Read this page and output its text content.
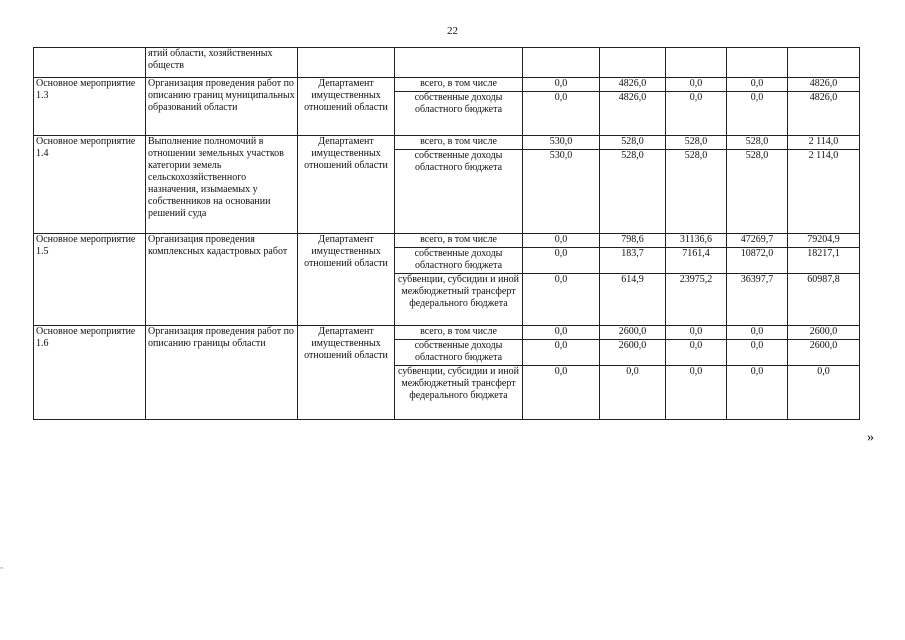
22
	ятий области, хозяйственных обществ							
Основное мероприятие 1.3	Организация проведения работ по описанию границ муниципальных образований области	Департамент имущественных отношений области	всего, в том числе	0,0	4826,0	0,0	0,0	4826,0
			собственные доходы областного бюджета	0,0	4826,0	0,0	0,0	4826,0
Основное мероприятие 1.4	Выполнение полномочий в отношении земельных участков категории земель сельскохозяйственного назначения, изымаемых у собственников на основании решений суда	Департамент имущественных отношений области	всего, в том числе	530,0	528,0	528,0	528,0	2 114,0
			собственные доходы областного бюджета	530,0	528,0	528,0	528,0	2 114,0
Основное мероприятие 1.5	Организация проведения комплексных кадастровых работ	Департамент имущественных отношений области	всего, в том числе	0,0	798,6	31136,6	47269,7	79204,9
			собственные доходы областного бюджета	0,0	183,7	7161,4	10872,0	18217,1
			субвенции, субсидии и иной межбюджетный трансферт федерального бюджета	0,0	614,9	23975,2	36397,7	60987,8
Основное мероприятие 1.6	Организация проведения работ по описанию границы области	Департамент имущественных отношений области	всего, в том числе	0,0	2600,0	0,0	0,0	2600,0
			собственные доходы областного бюджета	0,0	2600,0	0,0	0,0	2600,0
			субвенции, субсидии и иной межбюджетный трансферт федерального бюджета	0,0	0,0	0,0	0,0	0,0
»
=
